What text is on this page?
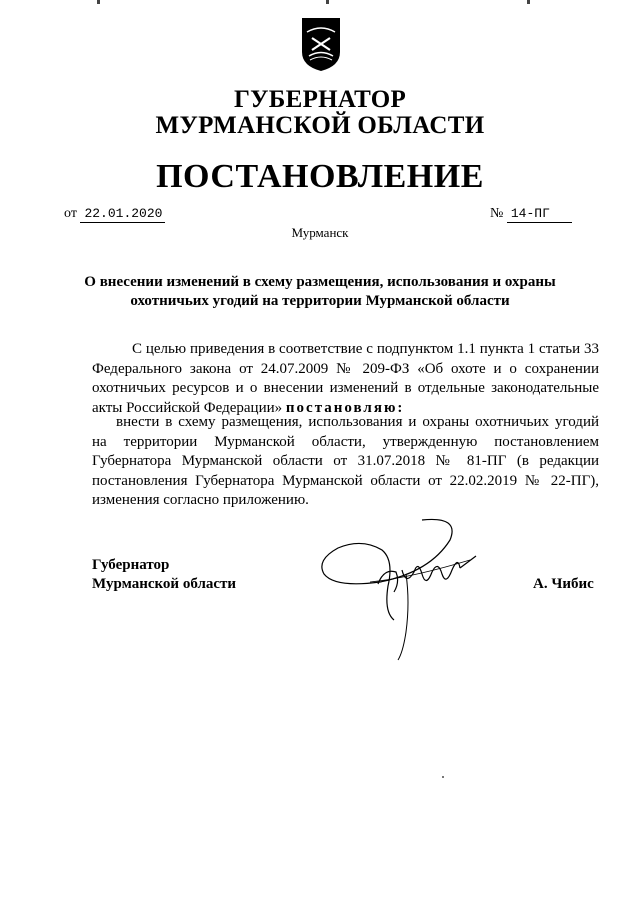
ГУБЕРНАТОР
МУРМАНСКОЙ ОБЛАСТИ
ПОСТАНОВЛЕНИЕ
от 22.01.2020	№ 14-ПГ
Мурманск
О внесении изменений в схему размещения, использования и охраны
охотничьих угодий на территории Мурманской области
С целью приведения в соответствие с подпунктом 1.1 пункта 1 статьи 33 Федерального закона от 24.07.2009 № 209-ФЗ «Об охоте и о сохранении охотничьих ресурсов и о внесении изменений в отдельные законодательные акты Российской Федерации» постановляю:
внести в схему размещения, использования и охраны охотничьих угодий на территории Мурманской области, утвержденную постановлением Губернатора Мурманской области от 31.07.2018 № 81-ПГ (в редакции постановления Губернатора Мурманской области от 22.02.2019 № 22-ПГ), изменения согласно приложению.
Губернатор
Мурманской области	А. Чибис
